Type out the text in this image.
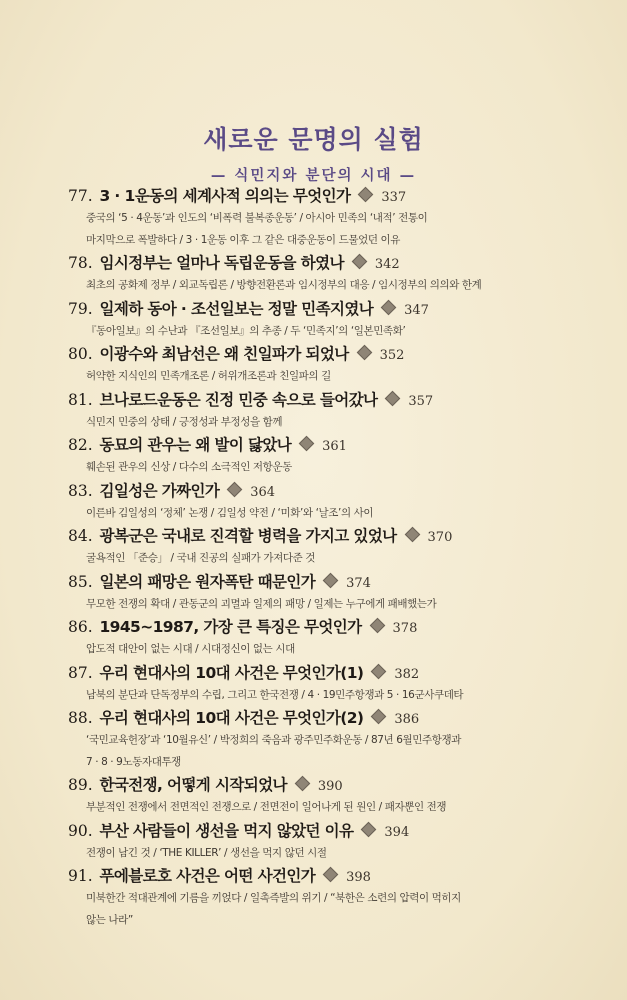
새로운 문명의 실험
— 식민지와 분단의 시대 —
77. 3 · 1운동의 세계사적 의의는 무엇인가 337
중국의 ‘5 · 4운동’과 인도의 ‘비폭력 불복종운동’ / 아시아 민족의 ‘내적’ 전통이
마지막으로 폭발하다 / 3 · 1운동 이후 그 같은 대중운동이 드물었던 이유
78. 임시정부는 얼마나 독립운동을 하였나 342
최초의 공화제 정부 / 외교독립론 / 방향전환론과 임시정부의 대응 / 임시정부의 의의와 한계
79. 일제하 동아 · 조선일보는 정말 민족지였나 347
『동아일보』의 수난과 『조선일보』의 추종 / 두 ‘민족지’의 ‘일본민족화’
80. 이광수와 최남선은 왜 친일파가 되었나 352
허약한 지식인의 민족개조론 / 허위개조론과 친일파의 길
81. 브나로드운동은 진정 민중 속으로 들어갔나 357
식민지 민중의 상태 / 긍정성과 부정성을 함께
82. 동묘의 관우는 왜 발이 닳았나 361
훼손된 관우의 신상 / 다수의 소극적인 저항운동
83. 김일성은 가짜인가 364
이른바 김일성의 ‘정체’ 논쟁 / 김일성 약전 / ‘미화’와 ‘날조’의 사이
84. 광복군은 국내로 진격할 병력을 가지고 있었나 370
굴욕적인 「준승」 / 국내 진공의 실패가 가져다준 것
85. 일본의 패망은 원자폭탄 때문인가 374
무모한 전쟁의 확대 / 관동군의 괴멸과 일제의 패망 / 일제는 누구에게 패배했는가
86. 1945~1987, 가장 큰 특징은 무엇인가 378
압도적 대안이 없는 시대 / 시대정신이 없는 시대
87. 우리 현대사의 10대 사건은 무엇인가(1) 382
남북의 분단과 단독정부의 수립, 그리고 한국전쟁 / 4 · 19민주항쟁과 5 · 16군사쿠데타
88. 우리 현대사의 10대 사건은 무엇인가(2) 386
‘국민교육헌장’과 ‘10월유신’ / 박정희의 죽음과 광주민주화운동 / 87년 6월민주항쟁과
7 · 8 · 9노동자대투쟁
89. 한국전쟁, 어떻게 시작되었나 390
부분적인 전쟁에서 전면적인 전쟁으로 / 전면전이 일어나게 된 원인 / 패자뿐인 전쟁
90. 부산 사람들이 생선을 먹지 않았던 이유 394
전쟁이 남긴 것 / ‘THE KILLER’ / 생선을 먹지 않던 시절
91. 푸에블로호 사건은 어떤 사건인가 398
미북한간 적대관계에 기름을 끼얹다 / 일촉즉발의 위기 / “북한은 소련의 압력이 먹히지
않는 나라”
